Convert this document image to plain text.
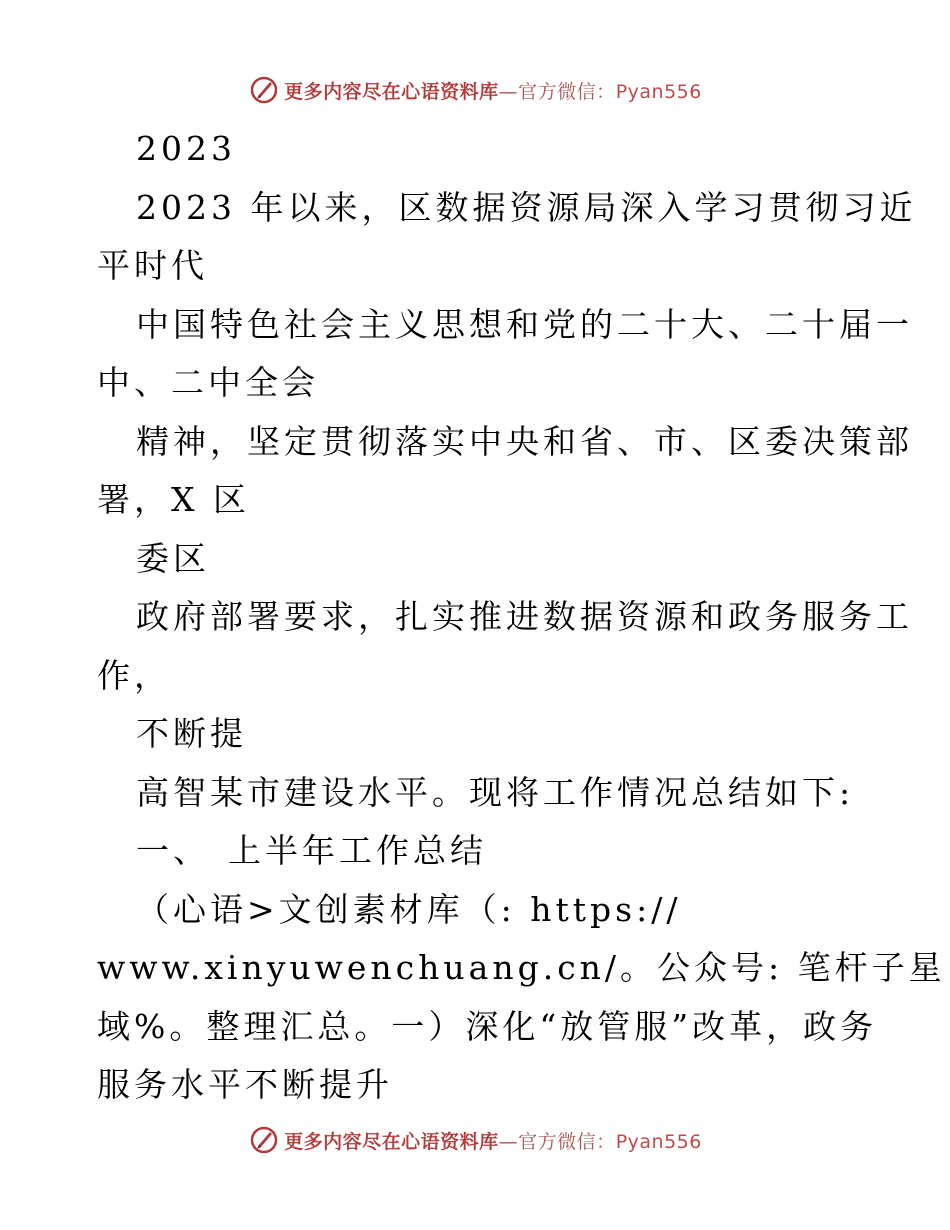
更多内容尽在心语资料库—官方微信：Pyan556
2023
2023 年以来，区数据资源局深入学习贯彻习近
平时代
中国特色社会主义思想和党的二十大、二十届一
中、二中全会
精神，坚定贯彻落实中央和省、市、区委决策部
署，X 区
委区
政府部署要求，扎实推进数据资源和政务服务工
作，
不断提
高智某市建设水平。现将工作情况总结如下:
一、 上半年工作总结
（心语>文创素材库（: https://
www.xinyuwenchuang.cn/。公众号: 笔杆子星
域%。整理汇总。一）深化“放管服”改革，政务
服务水平不断提升
更多内容尽在心语资料库—官方微信：Pyan556
